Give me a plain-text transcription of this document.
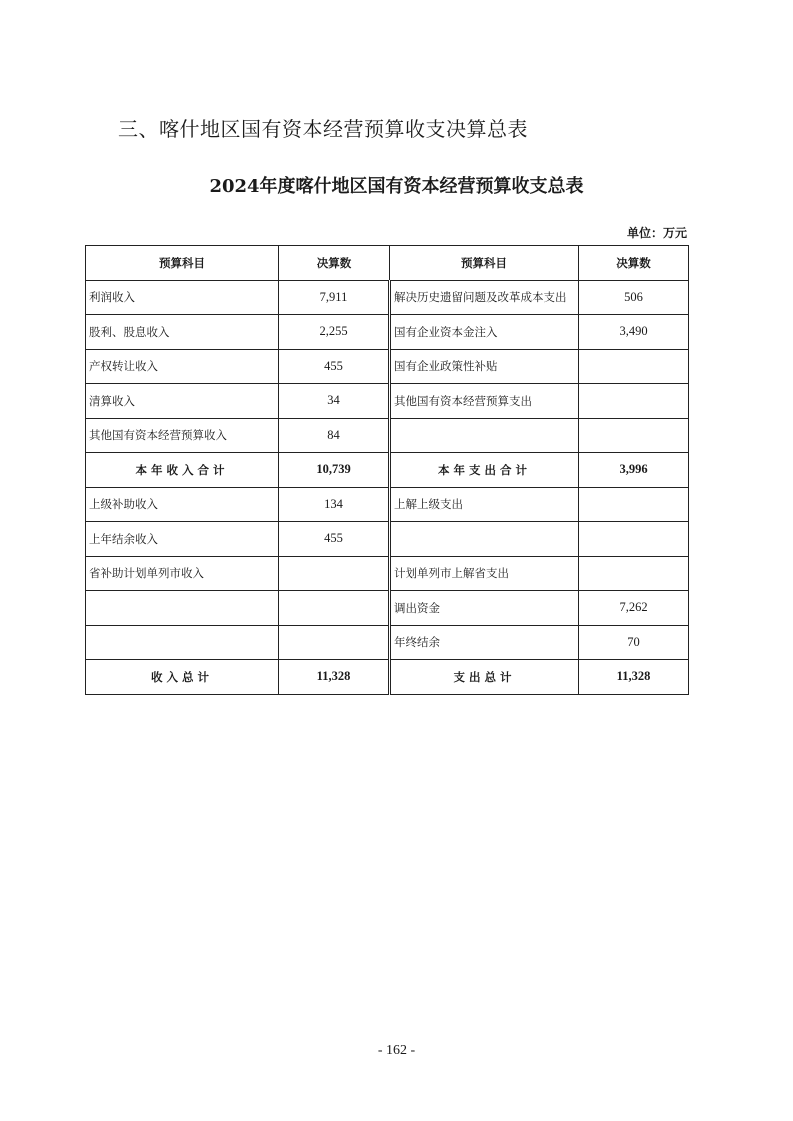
三、喀什地区国有资本经营预算收支决算总表
2024年度喀什地区国有资本经营预算收支总表
单位：万元
预算科目	决算数	预算科目	决算数
利润收入	7,911	解决历史遗留问题及改革成本支出	506
股利、股息收入	2,255	国有企业资本金注入	3,490
产权转让收入	455	国有企业政策性补贴	
清算收入	34	其他国有资本经营预算支出	
其他国有资本经营预算收入	84		
本年收入合计	10,739	本年支出合计	3,996
上级补助收入	134	上解上级支出	
上年结余收入	455		
省补助计划单列市收入		计划单列市上解省支出	
		调出资金	7,262
		年终结余	70
收入总计	11,328	支出总计	11,328
- 162 -
